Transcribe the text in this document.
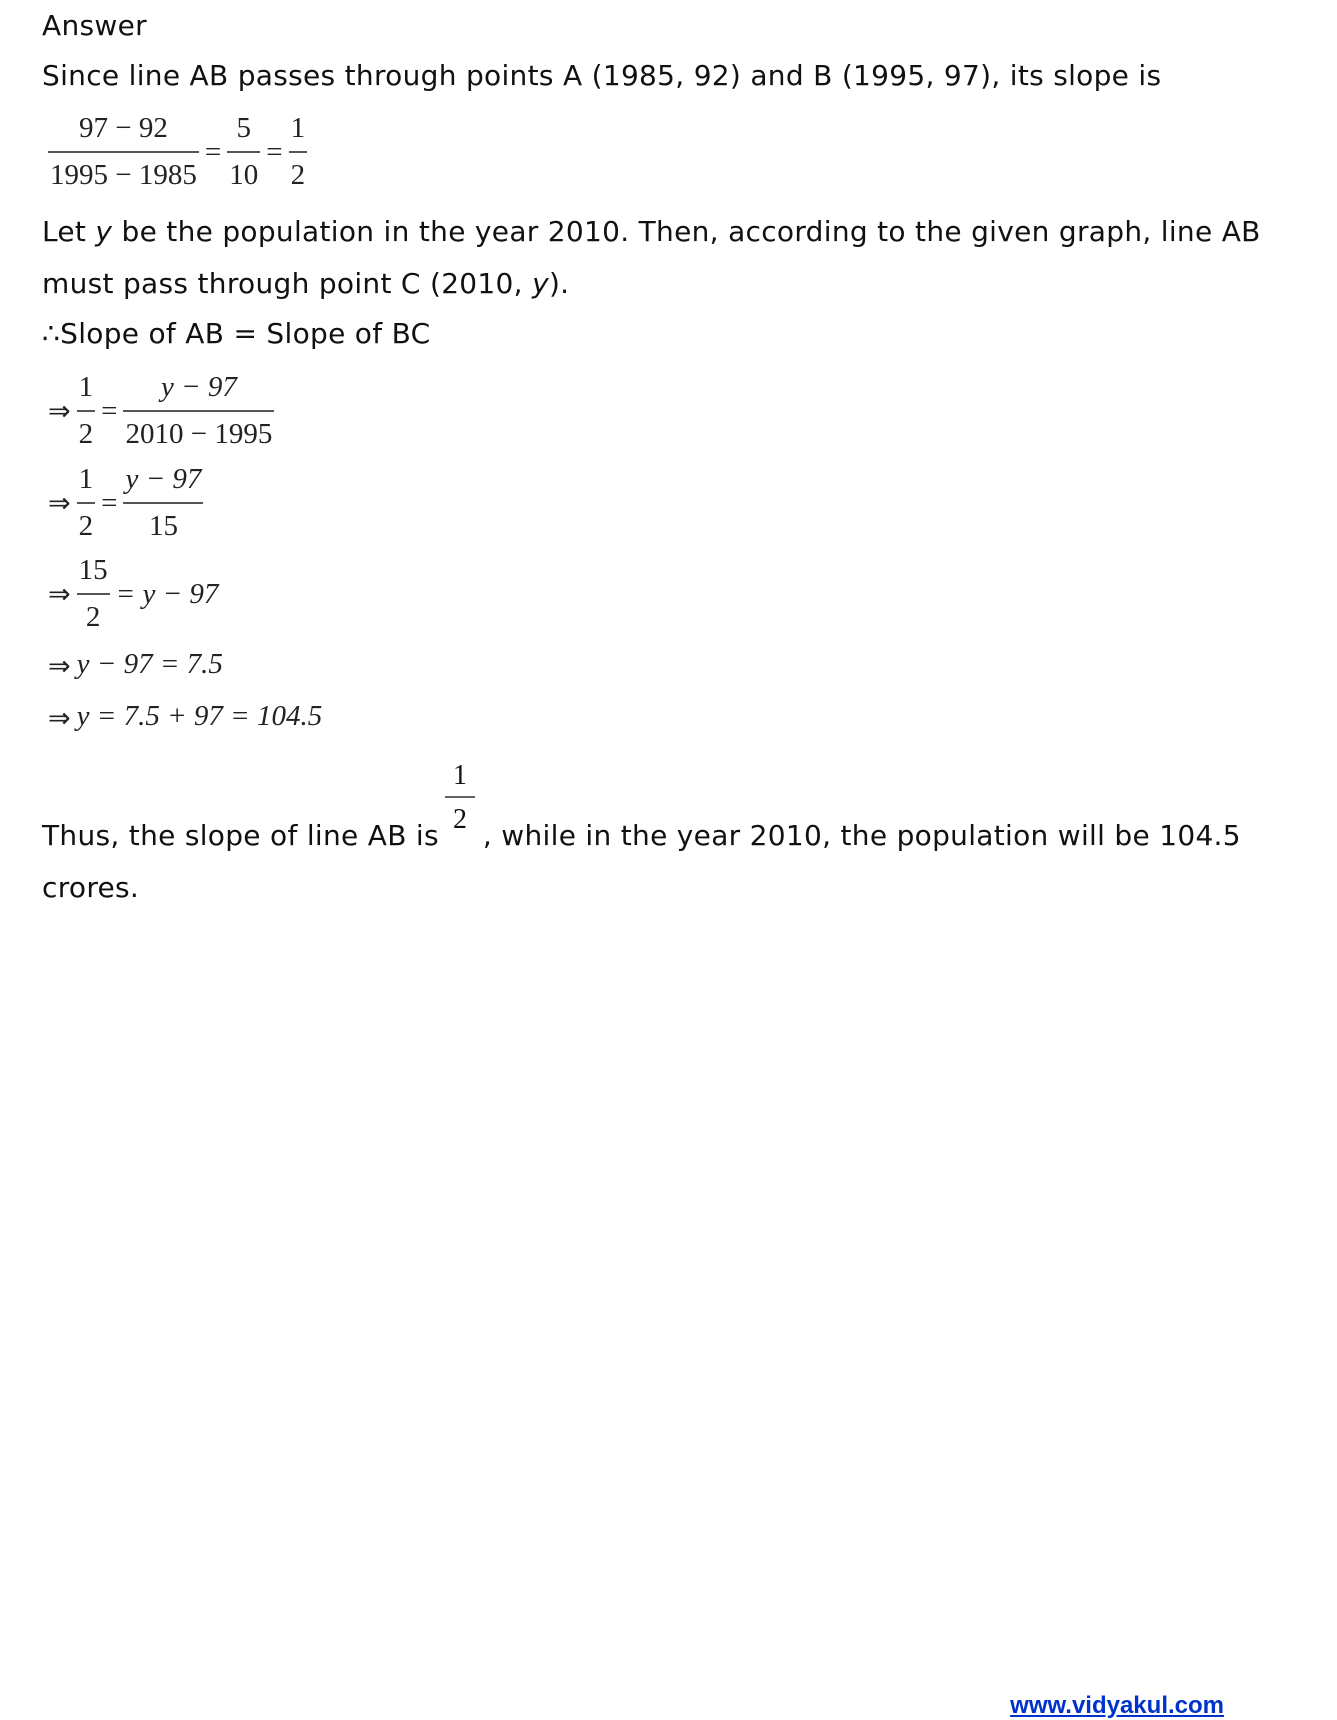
Answer
Since line AB passes through points A (1985, 92) and B (1995, 97), its slope is
$\frac{97 - 92}{1995 - 1985} = \frac{5}{10} = \frac{1}{2}$
Let y be the population in the year 2010. Then, according to the given graph, line AB
must pass through point C (2010, y).
∴Slope of AB = Slope of BC
⇒ $\frac{1}{2} = \frac{y - 97}{2010 - 1995}$
⇒ $\frac{1}{2} = \frac{y - 97}{15}$
⇒ $\frac{15}{2} = y - 97$
⇒ y − 97 = 7.5
⇒ y = 7.5 + 97 = 104.5
$\frac{1}{2}$
Thus, the slope of line AB is , while in the year 2010, the population will be 104.5
crores.
www.vidyakul.com
